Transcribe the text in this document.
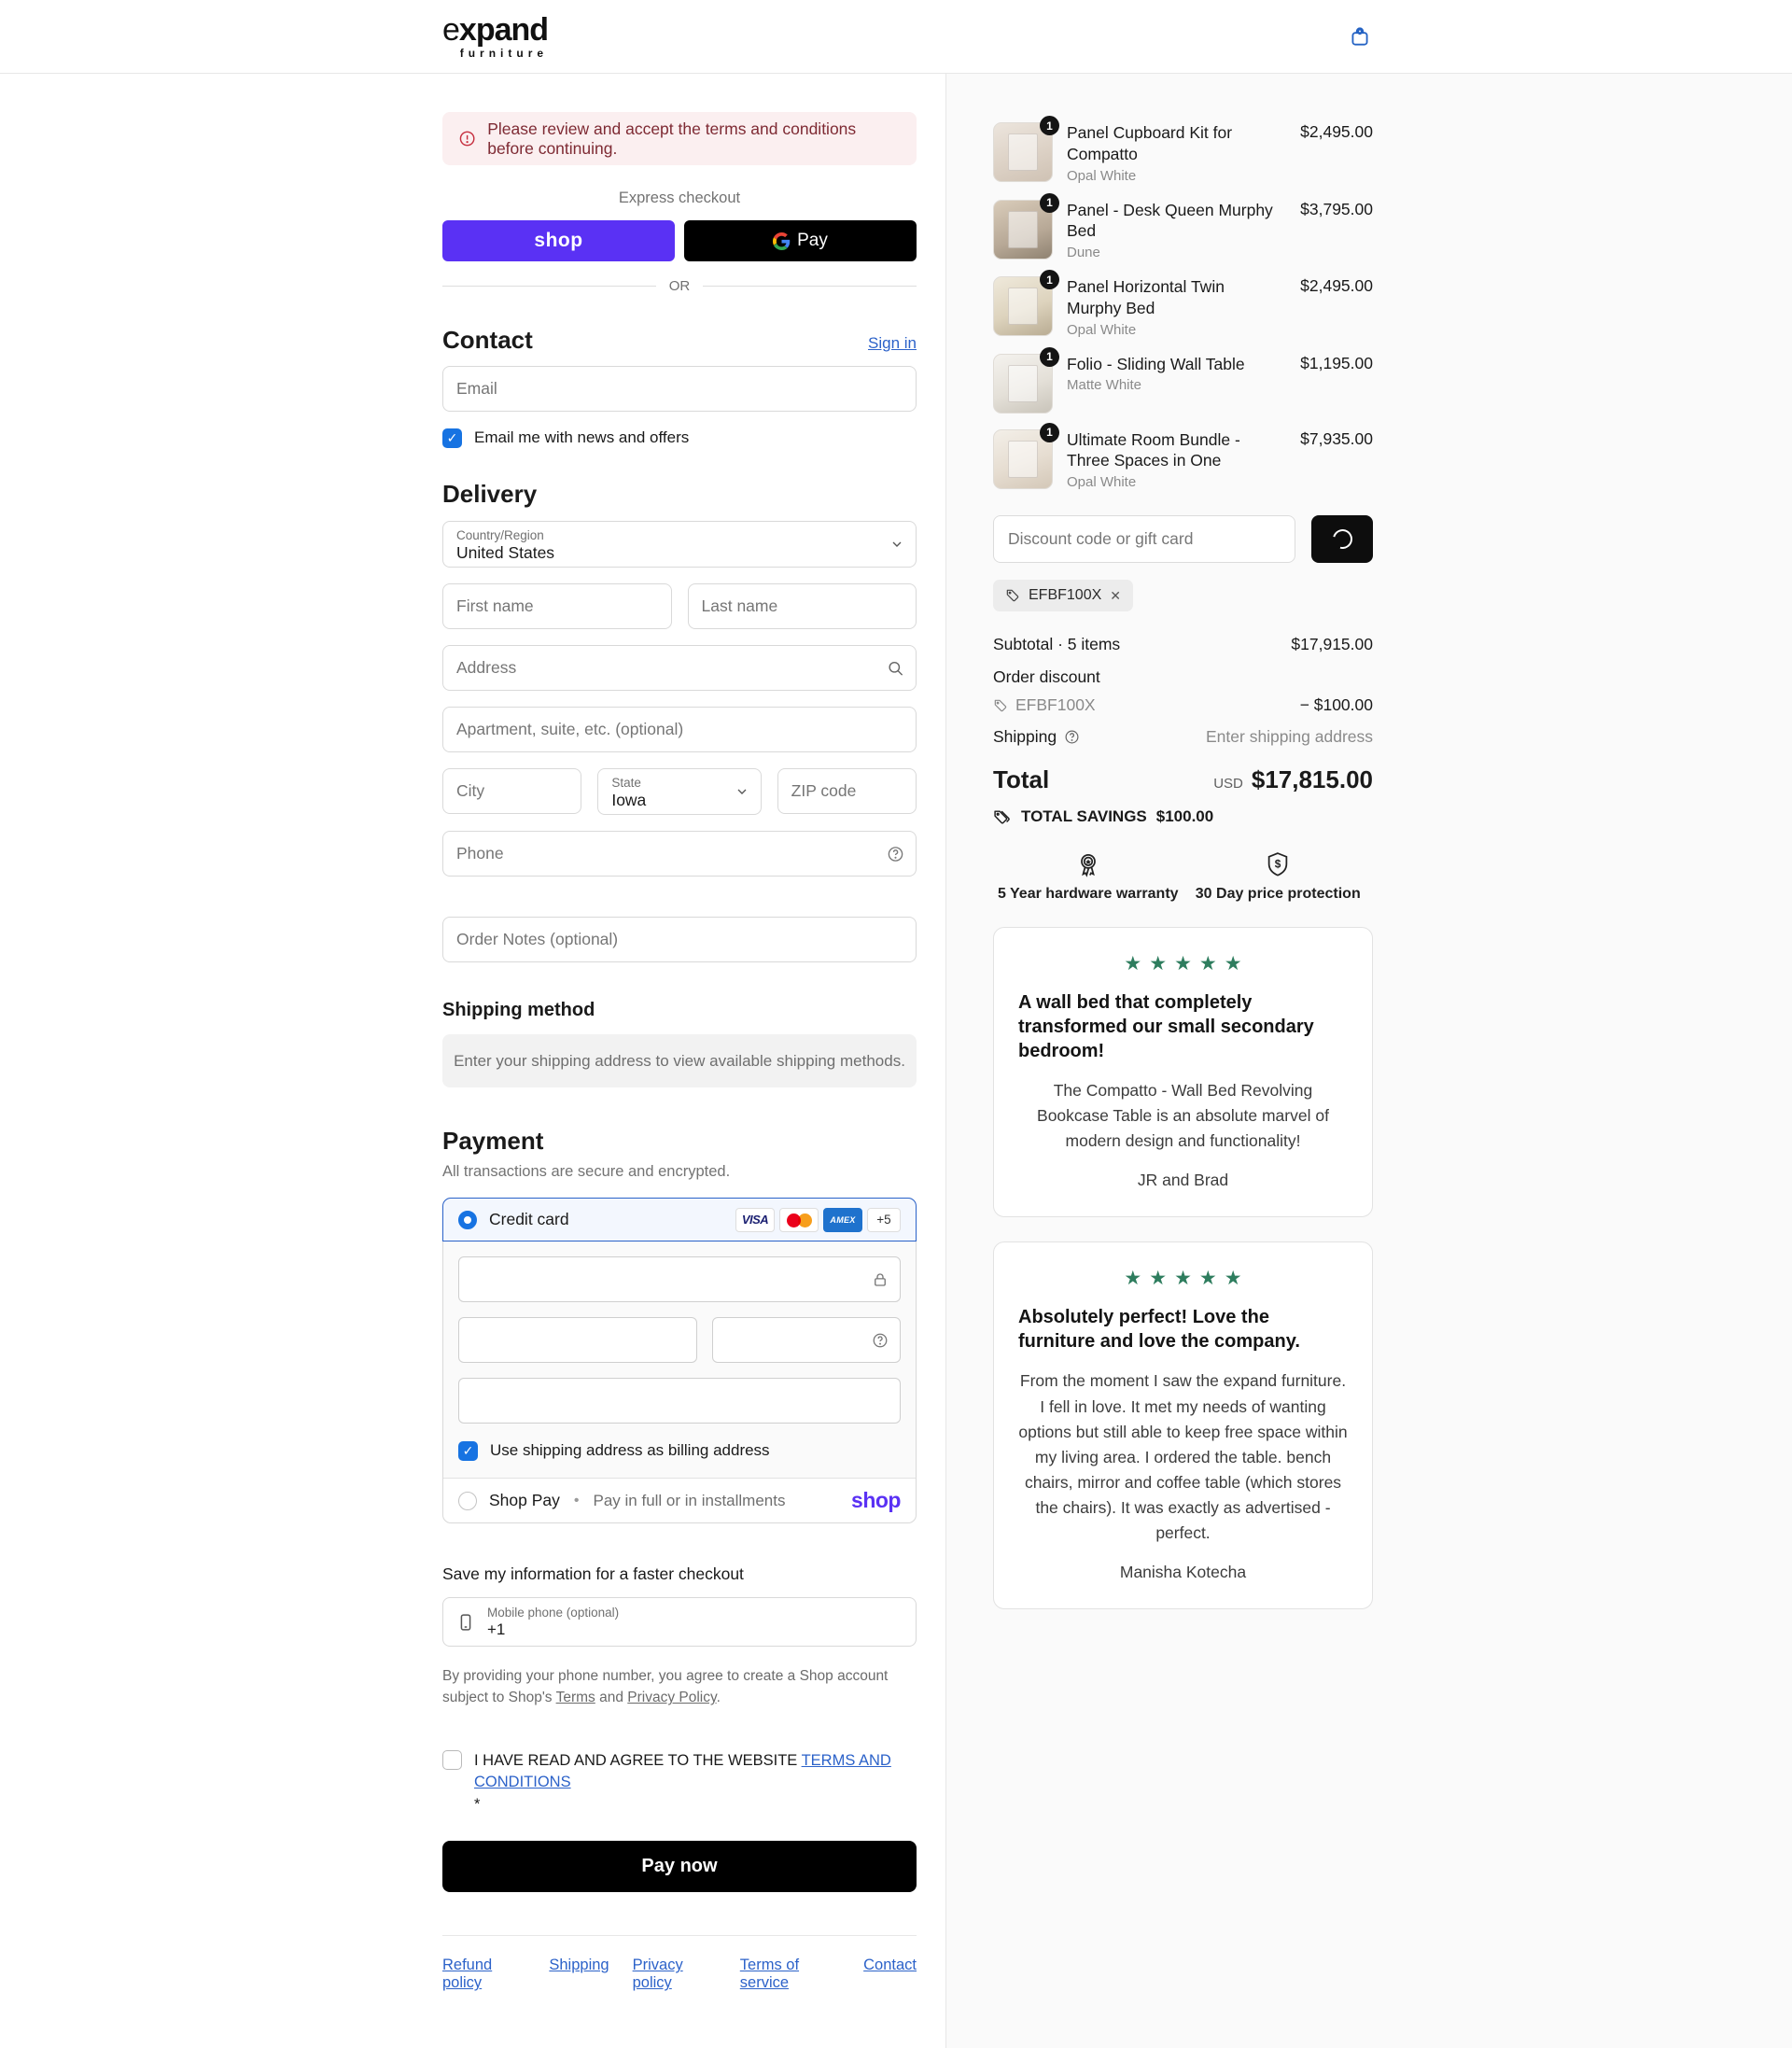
expand
furniture
Please review and accept the terms and conditions before continuing.
Express checkout
shop	Pay
OR
Contact	Sign in
Email
✓
Email me with news and offers
Delivery
Country/Region
United States
First name
Last name
Address
Apartment, suite, etc. (optional)
City
State
Iowa
ZIP code
Phone
Order Notes (optional)
Shipping method
Enter your shipping address to view available shipping methods.
Payment
All transactions are secure and encrypted.
Credit card	VISA	AMEX	+5
✓
Use shipping address as billing address
Shop Pay • Pay in full or in installments	shop
Save my information for a faster checkout
Mobile phone (optional)
+1
By providing your phone number, you agree to create a Shop account subject to Shop's Terms and Privacy Policy.
I HAVE READ AND AGREE TO THE WEBSITE TERMS AND CONDITIONS
*
Pay now
Refund policy
Shipping Privacy policy
Terms of service
Contact
1 Panel Cupboard Kit for Compatto
Opal White
$2,495.00
1 Panel - Desk Queen Murphy Bed
Dune
$3,795.00
1 Panel Horizontal Twin Murphy Bed
Opal White
$2,495.00
1 Folio - Sliding Wall Table
Matte White
$1,195.00
1 Ultimate Room Bundle - Three Spaces in One
Opal White
$7,935.00
Discount code or gift card
EFBF100X ✕
Subtotal · 5 items	$17,915.00
Order discount
EFBF100X	− $100.00
Shipping	Enter shipping address
Total	USD $17,815.00
TOTAL SAVINGS $100.00
5 Year hardware warranty
$
30 Day price protection
★★★★★
A wall bed that completely transformed our small secondary bedroom!
The Compatto - Wall Bed Revolving Bookcase Table is an absolute marvel of modern design and functionality!
JR and Brad
★★★★★
Absolutely perfect! Love the furniture and love the company.
From the moment I saw the expand furniture. I fell in love. It met my needs of wanting options but still able to keep free space within my living area. I ordered the table. bench chairs, mirror and coffee table (which stores the chairs). It was exactly as advertised - perfect.
Manisha Kotecha
